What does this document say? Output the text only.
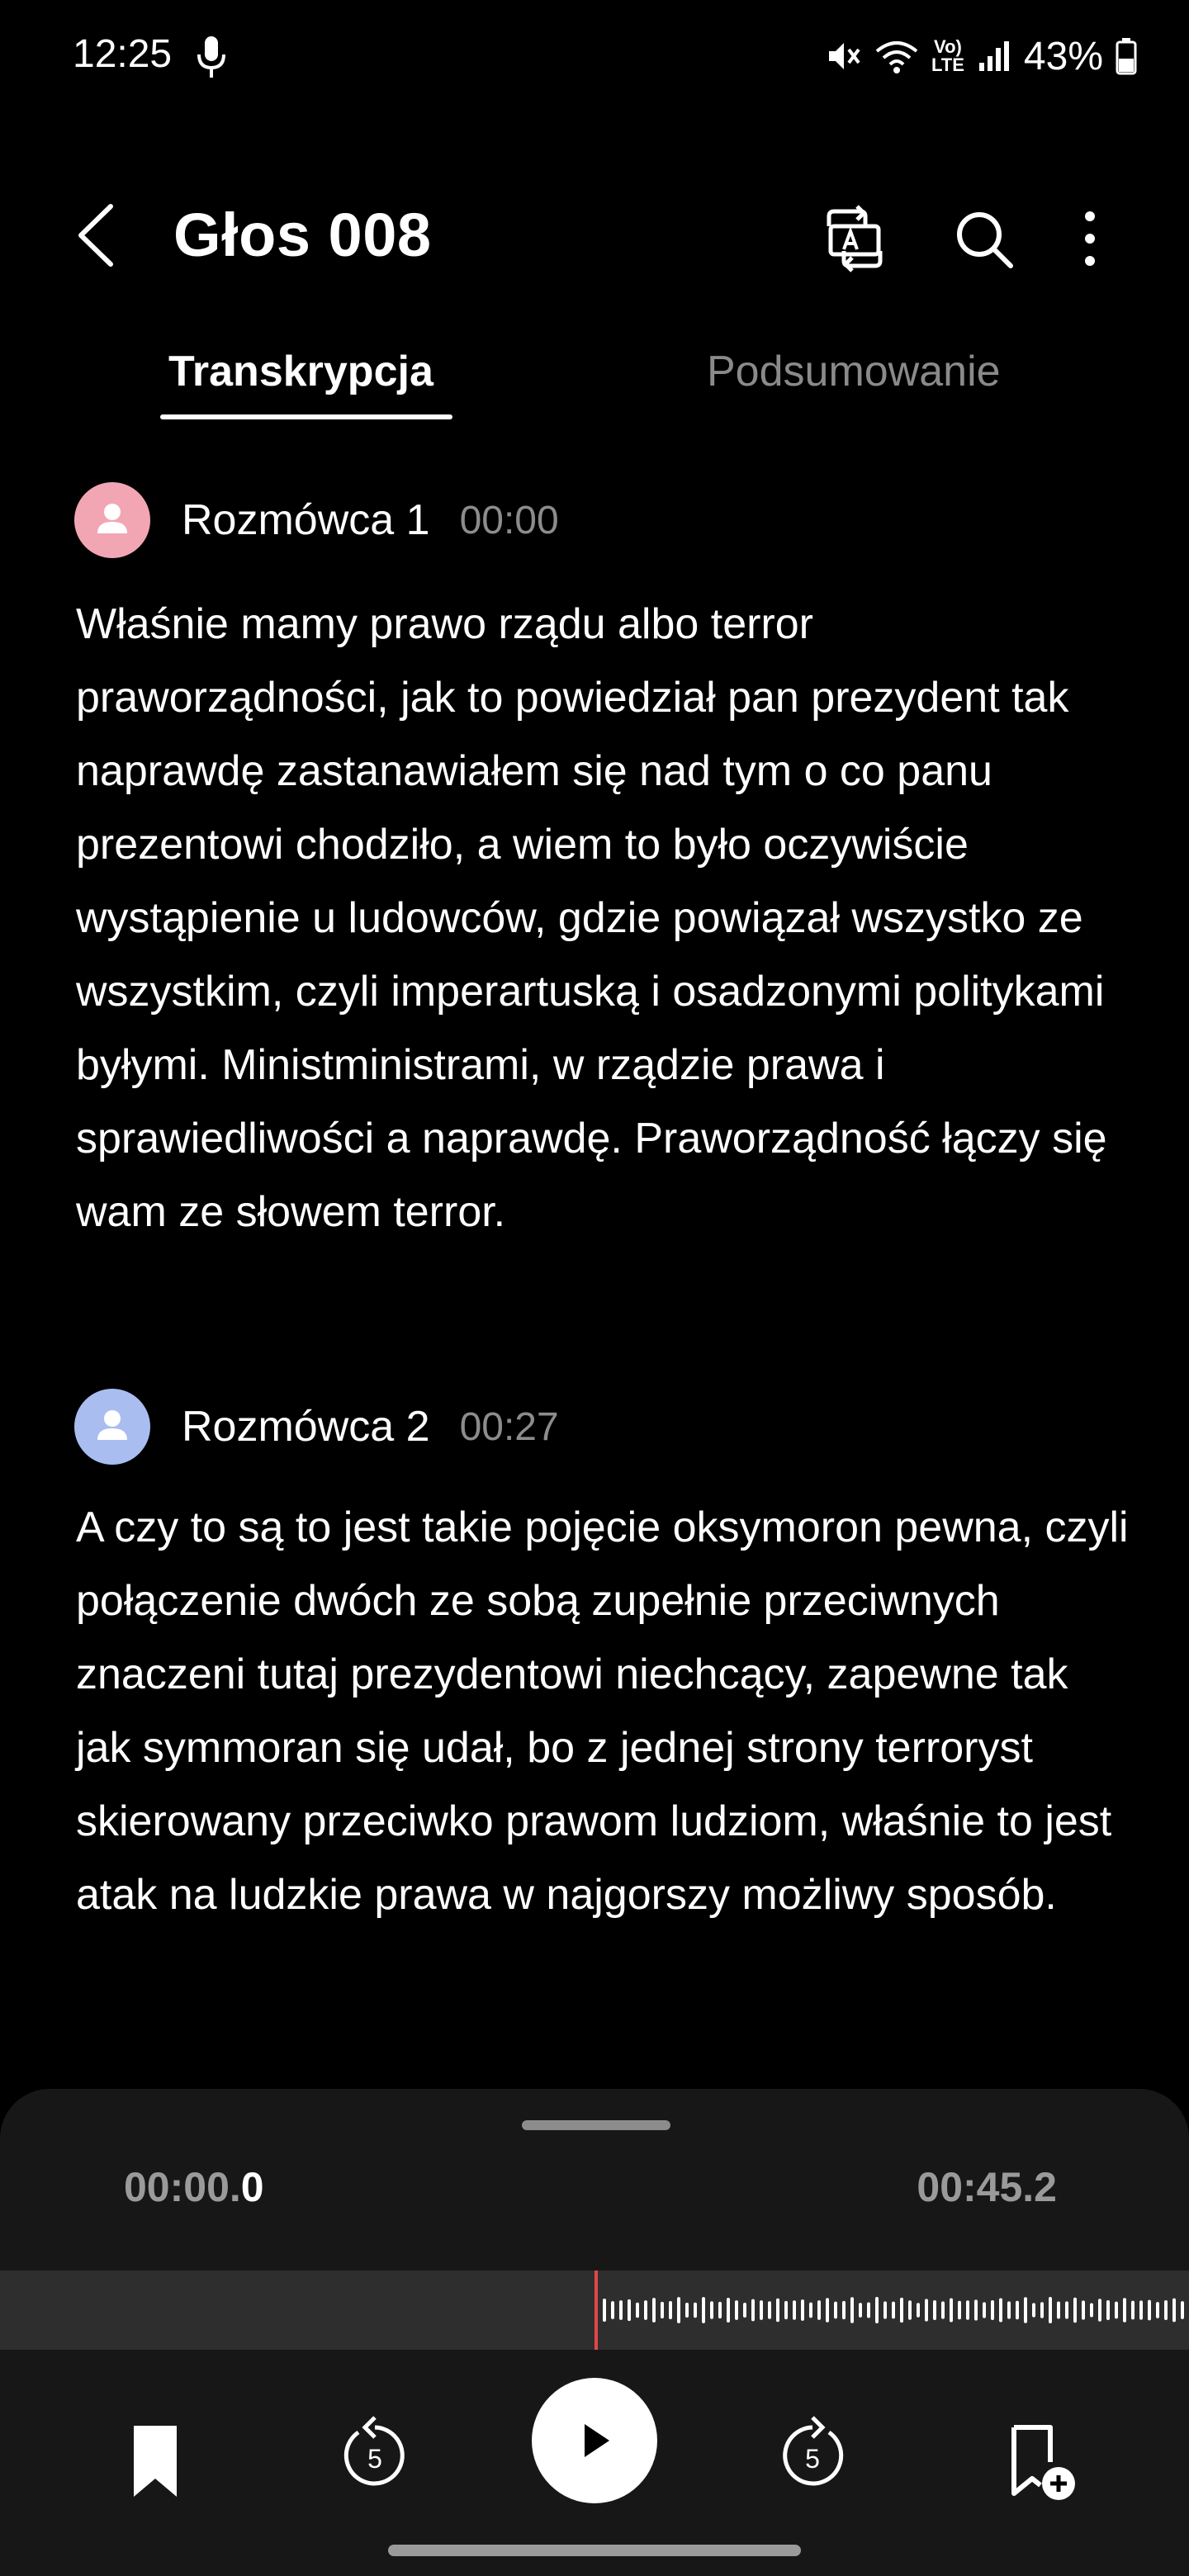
12:25	Vo)
LTE 43%
Głos 008
Transkrypcja	Podsumowanie
Rozmówca 1 00:00

Właśnie mamy prawo rządu albo terror praworządności, jak to powiedział pan prezydent tak naprawdę zastanawiałem się nad tym o co panu prezentowi chodziło, a wiem to było oczywiście wystąpienie u ludowców, gdzie powiązał wszystko ze wszystkim, czyli imperartuską i osadzonymi politykami byłymi. Ministministrami, w rządzie prawa i sprawiedliwości a naprawdę. Praworządność łączy się wam ze słowem terror.

Rozmówca 2 00:27

A czy to są to jest takie pojęcie oksymoron pewna, czyli połączenie dwóch ze sobą zupełnie przeciwnych znaczeni tutaj prezydentowi niechcący, zapewne tak jak symmoran się udał, bo z jednej strony terroryst skierowany przeciwko prawom ludziom, właśnie to jest atak na ludzkie prawa w najgorszy możliwy sposób.

00:00.0	00:45.2
5	5
